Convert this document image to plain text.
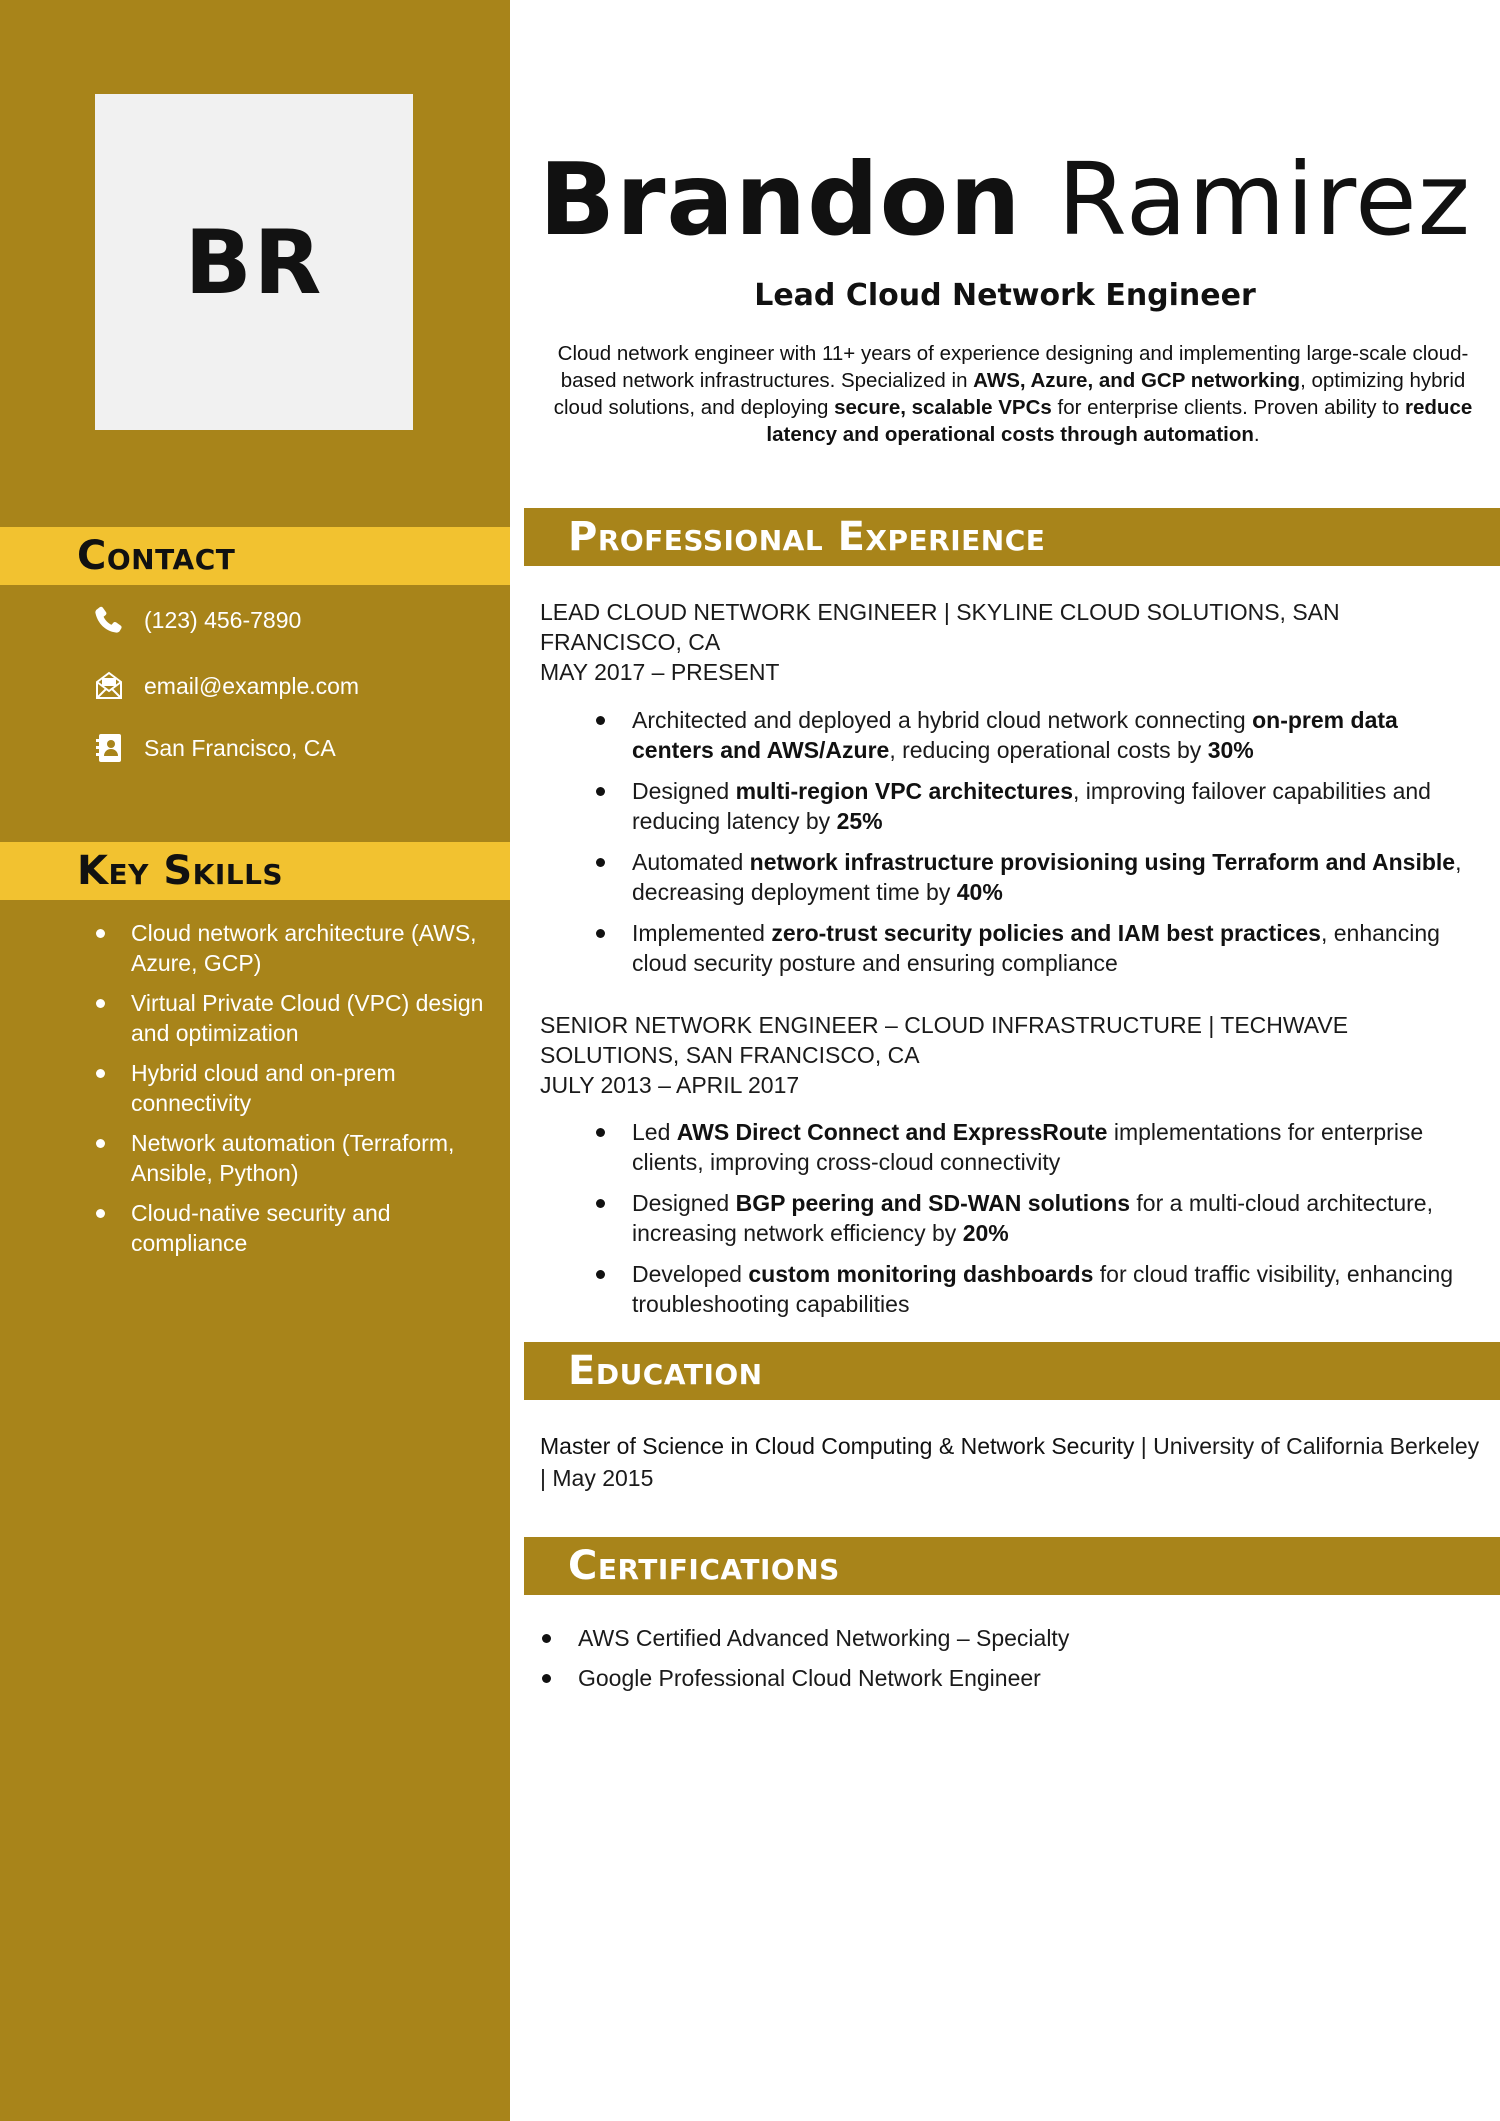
BR
Contact
(123) 456-7890
email@example.com
San Francisco, CA
Key Skills
Cloud network architecture (AWS, Azure, GCP)
Virtual Private Cloud (VPC) design and optimization
Hybrid cloud and on-prem connectivity
Network automation (Terraform, Ansible, Python)
Cloud-native security and compliance
Brandon Ramirez
Lead Cloud Network Engineer

Cloud network engineer with 11+ years of experience designing and implementing large-scale cloud-based network infrastructures. Specialized in AWS, Azure, and GCP networking, optimizing hybrid cloud solutions, and deploying secure, scalable VPCs for enterprise clients. Proven ability to reduce latency and operational costs through automation.

Professional Experience
LEAD CLOUD NETWORK ENGINEER | SKYLINE CLOUD SOLUTIONS, SAN FRANCISCO, CA
MAY 2017 – PRESENT
Architected and deployed a hybrid cloud network connecting on-prem data centers and AWS/Azure, reducing operational costs by 30%
Designed multi-region VPC architectures, improving failover capabilities and reducing latency by 25%
Automated network infrastructure provisioning using Terraform and Ansible, decreasing deployment time by 40%
Implemented zero-trust security policies and IAM best practices, enhancing cloud security posture and ensuring compliance
SENIOR NETWORK ENGINEER – CLOUD INFRASTRUCTURE | TECHWAVE SOLUTIONS, SAN FRANCISCO, CA
JULY 2013 – APRIL 2017
Led AWS Direct Connect and ExpressRoute implementations for enterprise clients, improving cross-cloud connectivity
Designed BGP peering and SD-WAN solutions for a multi-cloud architecture, increasing network efficiency by 20%
Developed custom monitoring dashboards for cloud traffic visibility, enhancing troubleshooting capabilities
Education

Master of Science in Cloud Computing & Network Security | University of California Berkeley | May 2015

Certifications
AWS Certified Advanced Networking – Specialty
Google Professional Cloud Network Engineer
